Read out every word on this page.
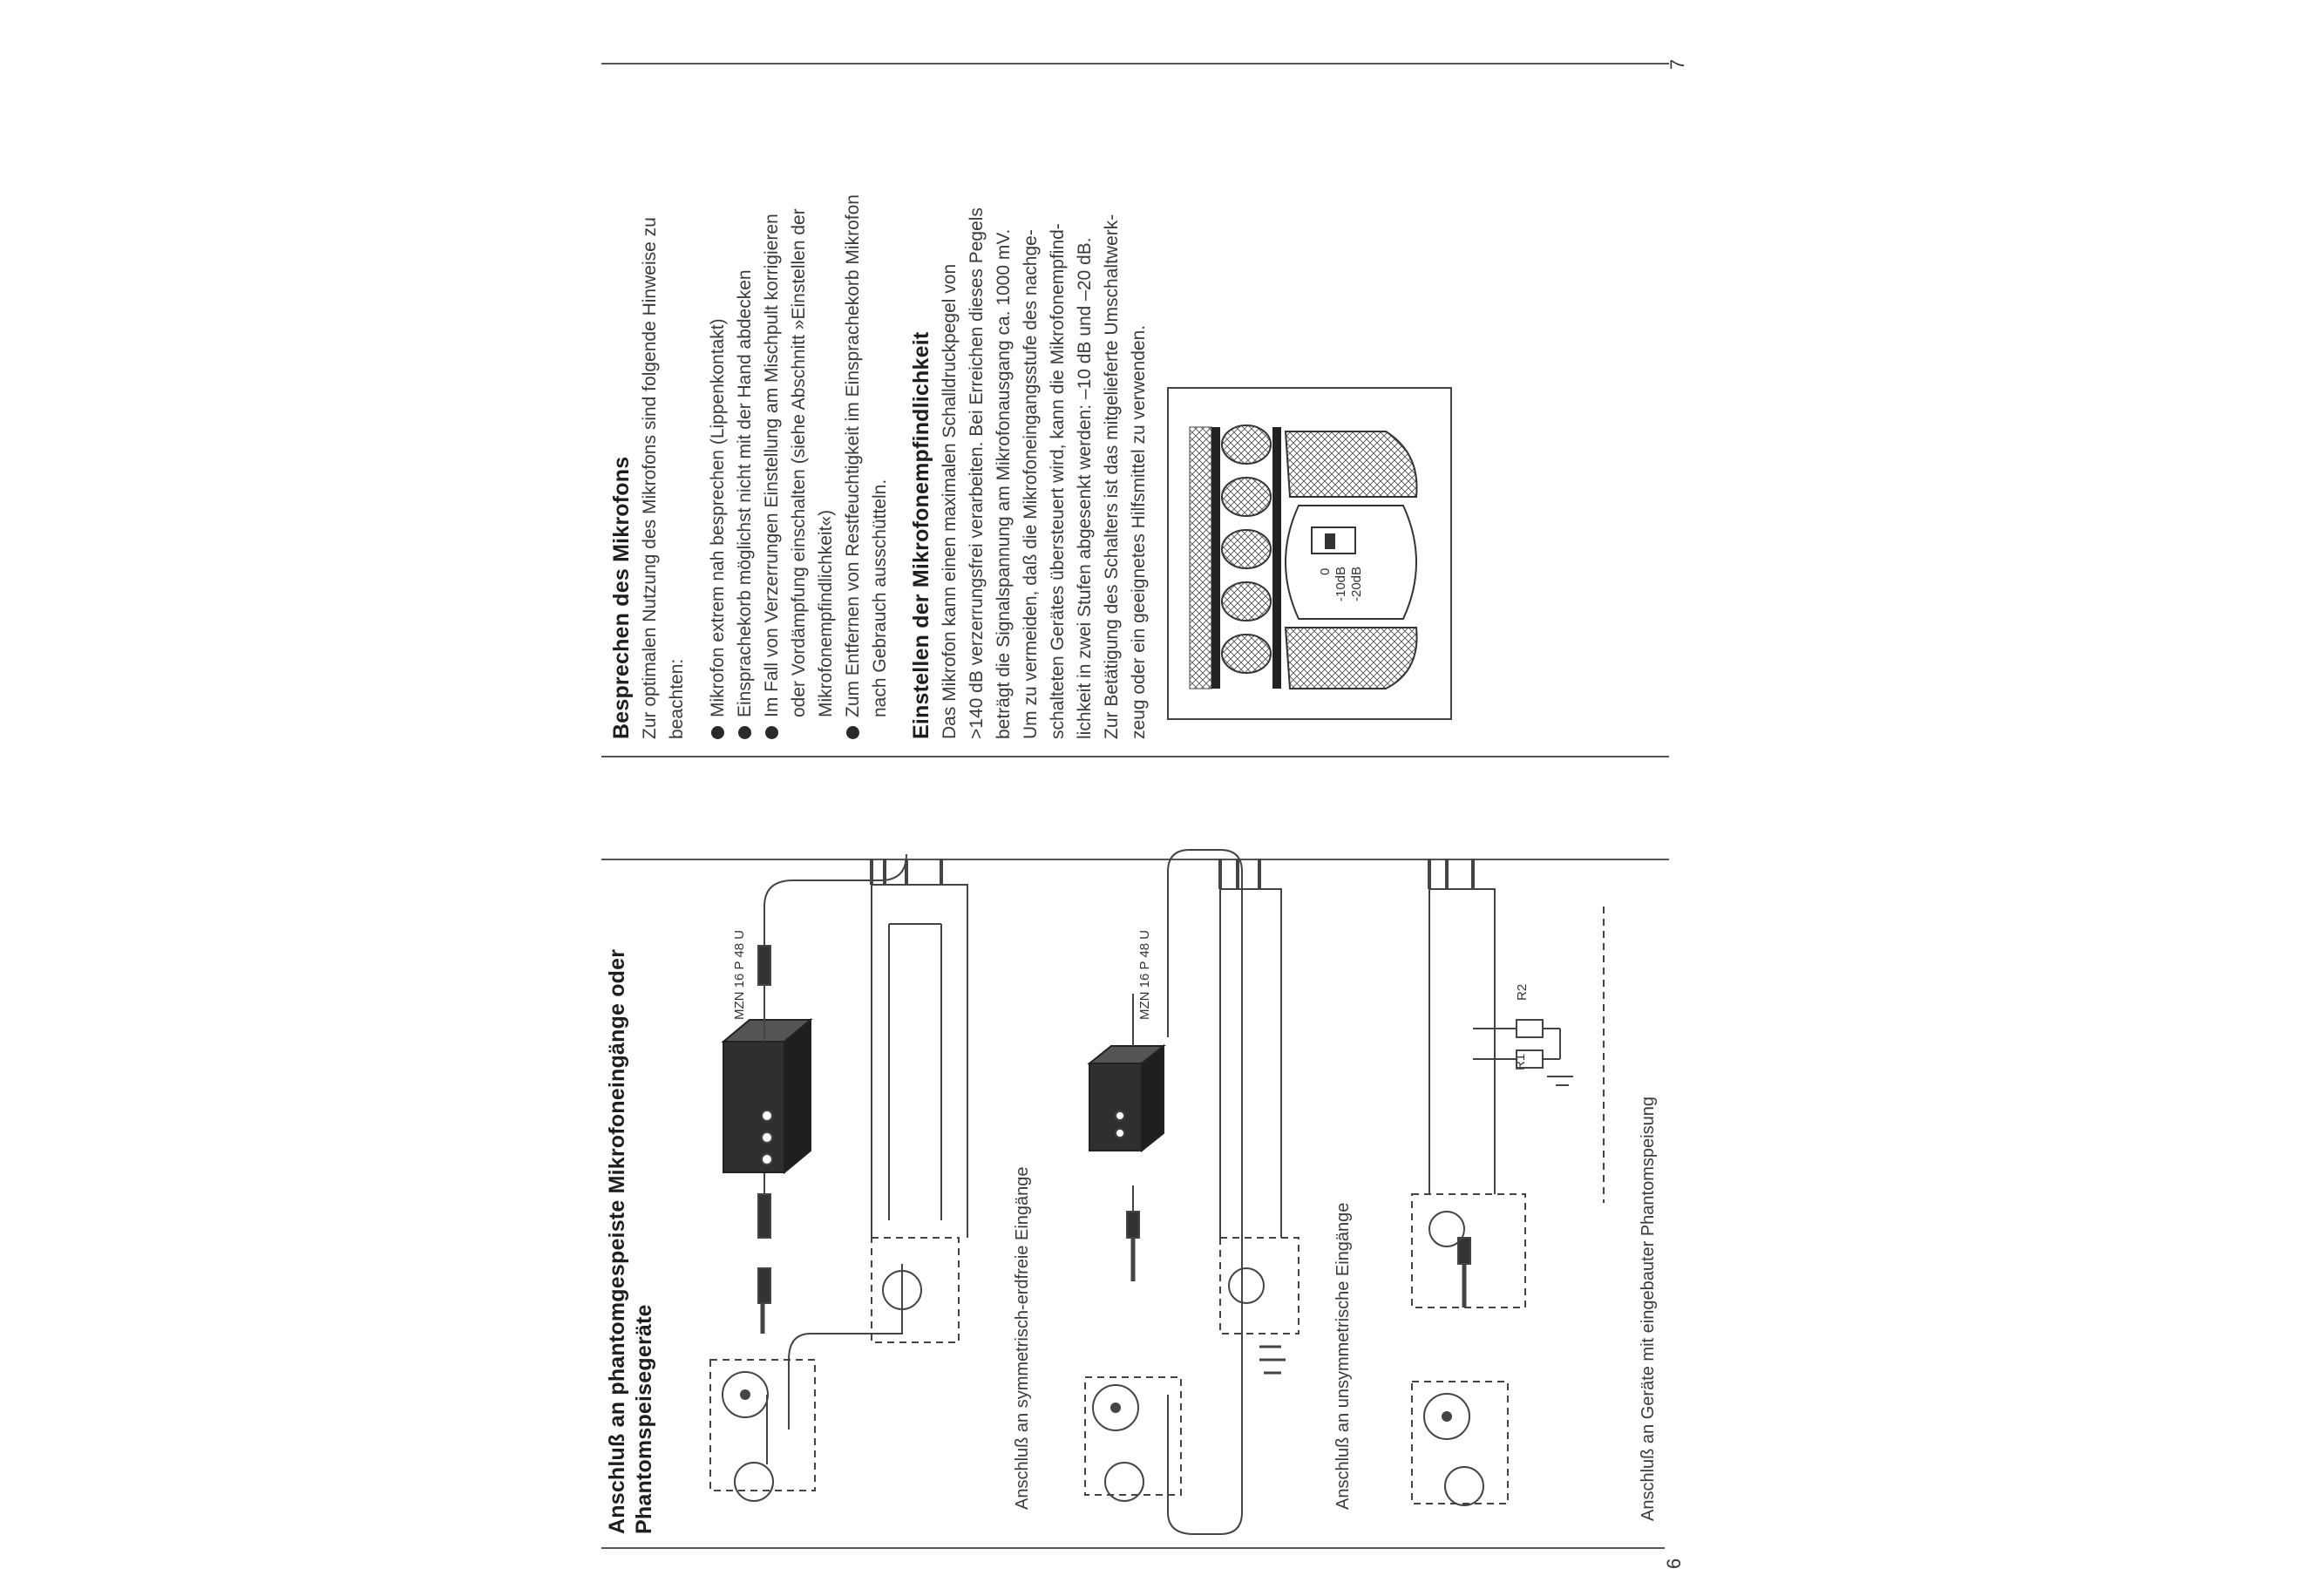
6
Anschluß an phantomgespeiste Mikrofoneingänge oder Phantomspeisegeräte
MZN 16 P 48 U
Anschluß an symmetrisch-erdfreie Eingänge
MZN 16 P 48 U
Anschluß an unsymmetrische Eingänge
R1
R2
Anschluß an Geräte mit eingebauter Phantomspeisung
7
Besprechen des Mikrofons Zur optimalen Nutzung des Mikrofons sind folgende Hinweise zu beachten: Mikrofon extrem nah besprechen (Lippenkontakt) Einsprachekorb möglichst nicht mit der Hand abdecken Im Fall von Verzerrungen Einstellung am Mischpult korrigieren oder Vordämpfung einschalten (siehe Abschnitt »Einstellen der Mikrofonempfindlichkeit«) Zum Entfernen von Restfeuchtigkeit im Einsprachekorb Mikrofon nach Gebrauch ausschütteln. Einstellen der Mikrofonempfindlichkeit Das Mikrofon kann einen maximalen Schalldruckpegel von >140 dB verzerrungsfrei verarbeiten. Bei Erreichen dieses Pegels beträgt die Signalspannung am Mikrofonausgang ca. 1000 mV. Um zu vermeiden, daß die Mikrofoneingangsstufe des nachge- schalteten Gerätes übersteuert wird, kann die Mikrofonempfind- lichkeit in zwei Stufen abgesenkt werden: –10 dB und –20 dB. Zur Betätigung des Schalters ist das mitgelieferte Umschaltwerk- zeug oder ein geeignetes Hilfsmittel zu verwenden.	0 -10dB -20dB
